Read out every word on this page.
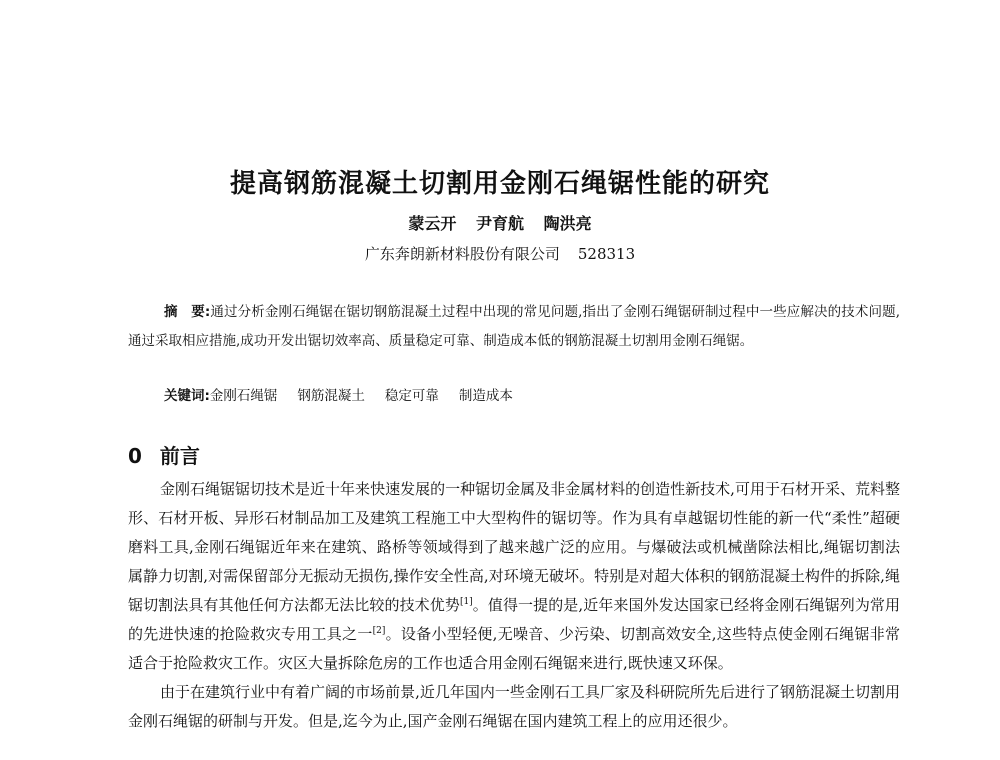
提高钢筋混凝土切割用金刚石绳锯性能的研究
蒙云开 尹育航 陶洪亮
广东奔朗新材料股份有限公司 528313
摘　要:通过分析金刚石绳锯在锯切钢筋混凝土过程中出现的常见问题,指出了金刚石绳锯研制过程中一些应解决的技术问题,通过采取相应措施,成功开发出锯切效率高、质量稳定可靠、制造成本低的钢筋混凝土切割用金刚石绳锯。
关键词:金刚石绳锯 钢筋混凝土 稳定可靠 制造成本
0 前言

金刚石绳锯锯切技术是近十年来快速发展的一种锯切金属及非金属材料的创造性新技术,可用于石材开采、荒料整形、石材开板、异形石材制品加工及建筑工程施工中大型构件的锯切等。作为具有卓越锯切性能的新一代“柔性”超硬磨料工具,金刚石绳锯近年来在建筑、路桥等领域得到了越来越广泛的应用。与爆破法或机械凿除法相比,绳锯切割法属静力切割,对需保留部分无振动无损伤,操作安全性高,对环境无破坏。特别是对超大体积的钢筋混凝土构件的拆除,绳锯切割法具有其他任何方法都无法比较的技术优势[1]。值得一提的是,近年来国外发达国家已经将金刚石绳锯列为常用的先进快速的抢险救灾专用工具之一[2]。设备小型轻便,无噪音、少污染、切割高效安全,这些特点使金刚石绳锯非常适合于抢险救灾工作。灾区大量拆除危房的工作也适合用金刚石绳锯来进行,既快速又环保。

由于在建筑行业中有着广阔的市场前景,近几年国内一些金刚石工具厂家及科研院所先后进行了钢筋混凝土切割用金刚石绳锯的研制与开发。但是,迄今为止,国产金刚石绳锯在国内建筑工程上的应用还很少。
